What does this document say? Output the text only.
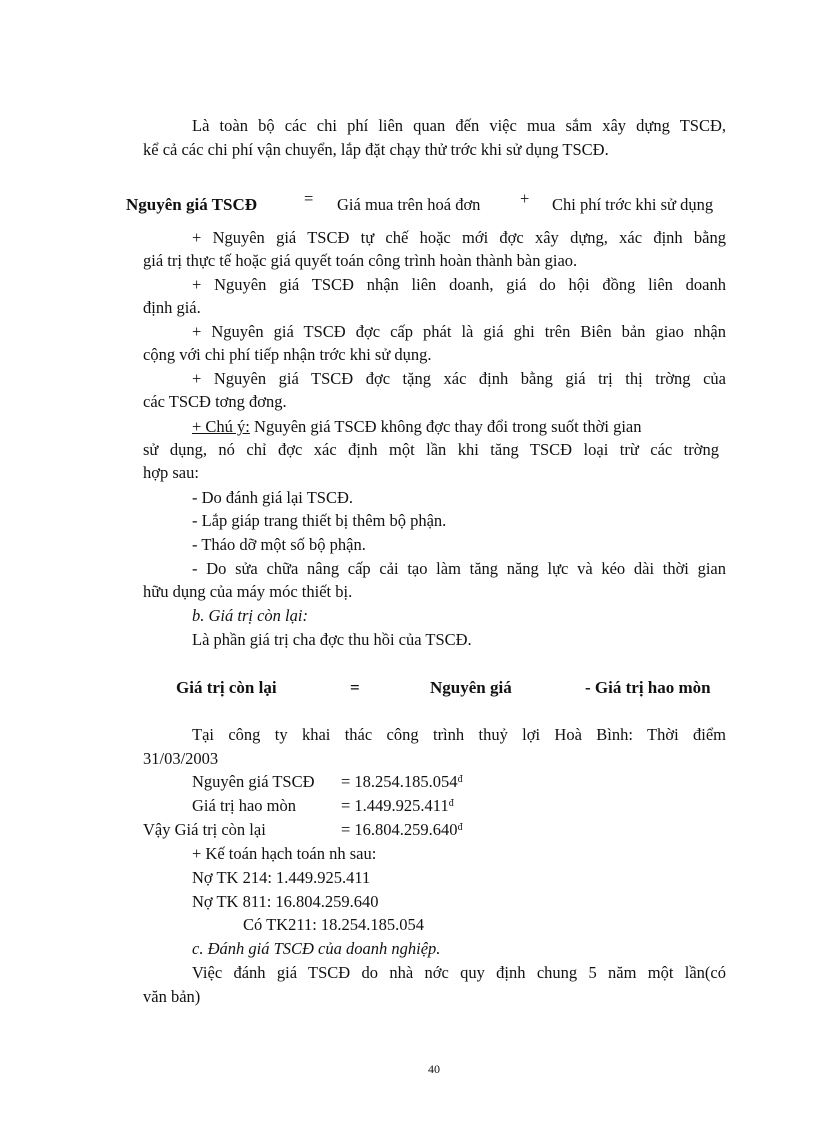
Là toàn bộ các chi phí liên quan đến việc mua sắm xây dựng TSCĐ,
kể cả các chi phí vận chuyển, lắp đặt chạy thử trớc khi sử dụng TSCĐ.
Nguyên giá TSCĐ	= Giá mua trên hoá đơn + Chi phí trớc khi sử dụng
+ Nguyên giá TSCĐ tự chế hoặc mới đợc xây dựng, xác định bằng
giá trị thực tế hoặc giá quyết toán công trình hoàn thành bàn giao.
+ Nguyên giá TSCĐ nhận liên doanh, giá do hội đồng liên doanh
định giá.
+ Nguyên giá TSCĐ đợc cấp phát là giá ghi trên Biên bản giao nhận
cộng với chi phí tiếp nhận trớc khi sử dụng.
+ Nguyên giá TSCĐ đợc tặng xác định bằng giá trị thị trờng của
các TSCĐ tơng đơng.
+ Chú ý: Nguyên giá TSCĐ không đợc thay đổi trong suốt thời gian
sử dụng, nó chỉ đợc xác định một lần khi tăng TSCĐ loại trừ các trờng
hợp sau:
- Do đánh giá lại TSCĐ.
- Lắp giáp trang thiết bị thêm bộ phận.
- Tháo dỡ một số bộ phận.
- Do sửa chữa nâng cấp cải tạo làm tăng năng lực và kéo dài thời gian
hữu dụng của máy móc thiết bị.
b. Giá trị còn lại:
Là phần giá trị cha đợc thu hồi của TSCĐ.
Giá trị còn lại	=	Nguyên giá	- Giá trị hao mòn
Tại công ty khai thác công trình thuỷ lợi Hoà Bình: Thời điểm
31/03/2003
Nguyên giá TSCĐ = $18.254.185.054^đ$
Giá trị hao mòn	= $1.449.925.411^đ$
Vậy Giá trị còn lại	= $16.804.259.640^đ$
+ Kế toán hạch toán nh sau:
Nợ TK 214: 1.449.925.411
Nợ TK 811: 16.804.259.640
Có TK211: 18.254.185.054
c. Đánh giá TSCĐ của doanh nghiệp.
Việc đánh giá TSCĐ do nhà nớc quy định chung 5 năm một lần(có
văn bản)
40
